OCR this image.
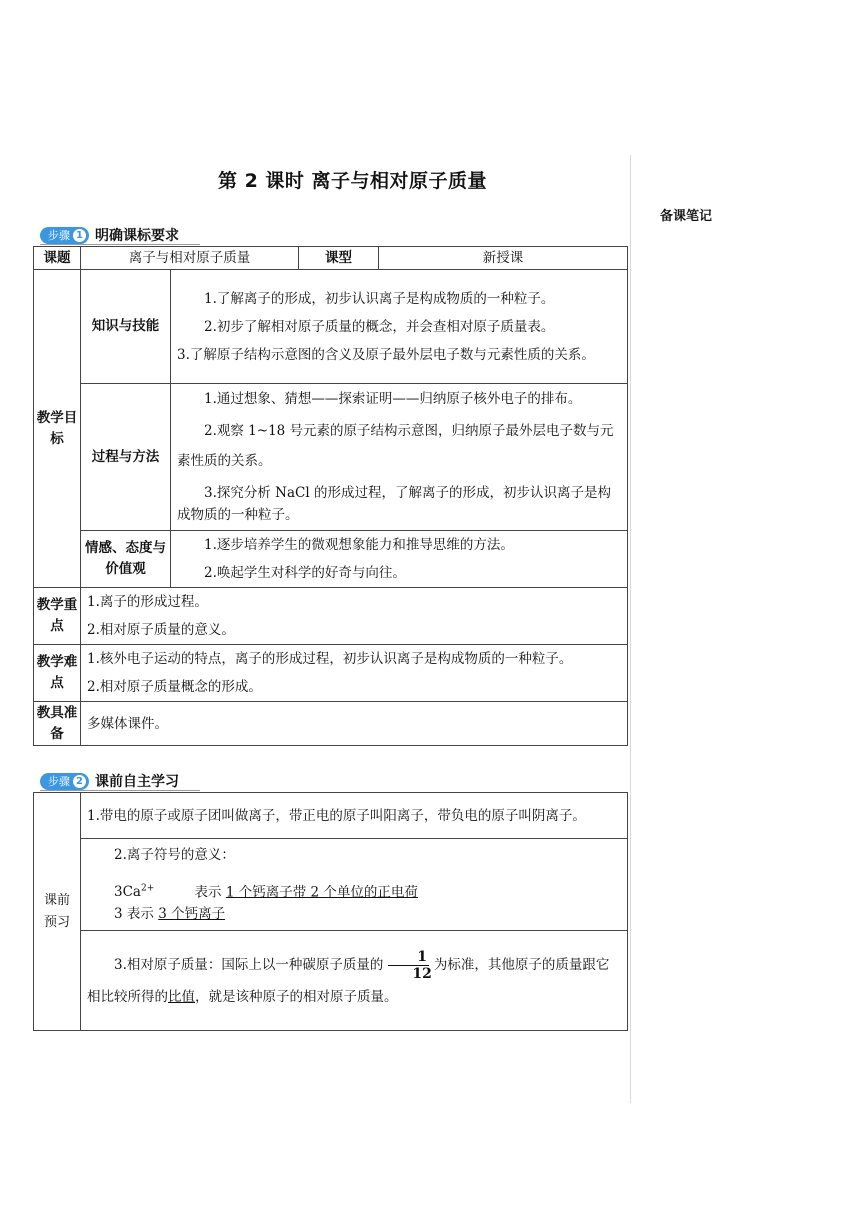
第 2 课时 离子与相对原子质量
备课笔记
步骤 1 明确课标要求
课题	离子与相对原子质量		课型	新授课
教学目标	知识与技能	1.了解离子的形成，初步认识离子是构成物质的一种粒子。

2.初步了解相对原子质量的概念，并会查相对原子质量表。

3.了解原子结构示意图的含义及原子最外层电子数与元素性质的关系。		

	过程与方法	1.通过想象、猜想——探索证明——归纳原子核外电子的排布。

2.观察 1~18 号元素的原子结构示意图，归纳原子最外层电子数与元素性质的关系。

3.探究分析 NaCl 的形成过程，了解离子的形成，初步认识离子是构成物质的一种粒子。		

	情感、态度与价值观	1.逐步培养学生的微观想象能力和推导思维的方法。

2.唤起学生对科学的好奇与向往。		

教学重点	1.离子的形成过程。

2.相对原子质量的意义。			

教学难点	1.核外电子运动的特点，离子的形成过程，初步认识离子是构成物质的一种粒子。

2.相对原子质量概念的形成。			

教具准备	多媒体课件。			
步骤 2 课前自主学习
课前预习	1.带电的原子或原子团叫做离子，带正电的原子叫阳离子，带负电的原子叫阴离子。

2.离子符号的意义：

$3Ca^{2+}$	表示 1 个钙离子带 2 个单位的正电荷

3 表示 3 个钙离子

3.相对原子质量：国际上以一种碳原子质量的 $\frac{1}{12}$ 为标准，其他原子的质量跟它相比较所得的比值，就是该种原子的相对原子质量。
